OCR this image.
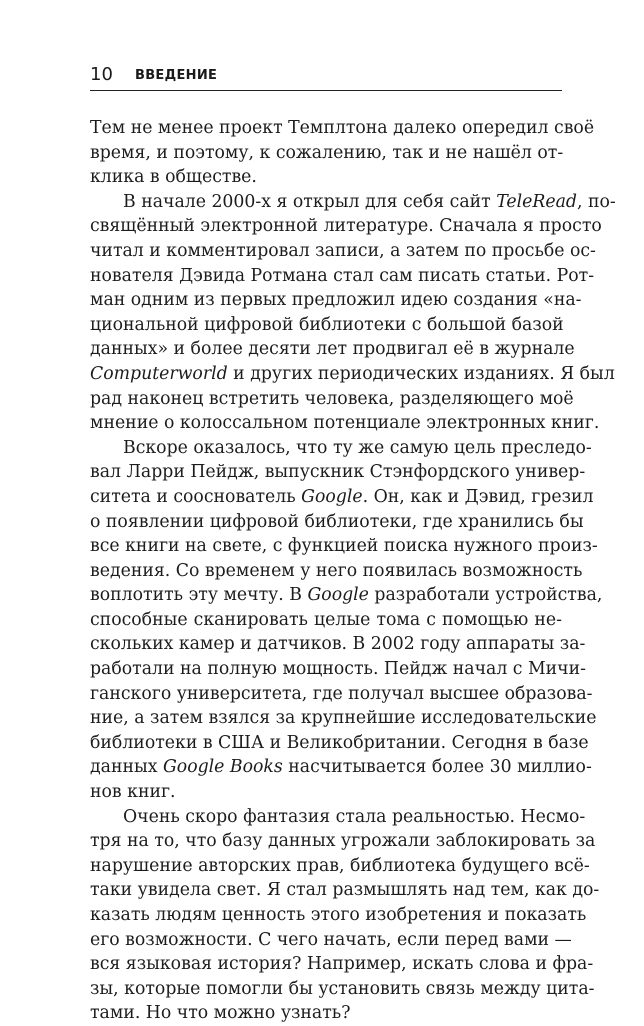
10 ВВЕДЕНИЕ
Тем не менее проект Темплтона далеко опередил своё
время, и поэтому, к сожалению, так и не нашёл от-
клика в обществе.
В начале 2000-х я открыл для себя сайт TeleRead, по-
свящённый электронной литературе. Сначала я просто
читал и комментировал записи, а затем по просьбе ос-
нователя Дэвида Ротмана стал сам писать статьи. Рот-
ман одним из первых предложил идею создания «на-
циональной цифровой библиотеки с большой базой
данных» и более десяти лет продвигал её в журнале
Computerworld и других периодических изданиях. Я был
рад наконец встретить человека, разделяющего моё
мнение о колоссальном потенциале электронных книг.
Вскоре оказалось, что ту же самую цель преследо-
вал Ларри Пейдж, выпускник Стэнфордского универ-
ситета и сооснователь Google. Он, как и Дэвид, грезил
о появлении цифровой библиотеки, где хранились бы
все книги на свете, с функцией поиска нужного произ-
ведения. Со временем у него появилась возможность
воплотить эту мечту. В Google разработали устройства,
способные сканировать целые тома с помощью не-
скольких камер и датчиков. В 2002 году аппараты за-
работали на полную мощность. Пейдж начал с Мичи-
ганского университета, где получал высшее образова-
ние, а затем взялся за крупнейшие исследовательские
библиотеки в США и Великобритании. Сегодня в базе
данных Google Books насчитывается более 30 миллио-
нов книг.
Очень скоро фантазия стала реальностью. Несмо-
тря на то, что базу данных угрожали заблокировать за
нарушение авторских прав, библиотека будущего всё-
таки увидела свет. Я стал размышлять над тем, как до-
казать людям ценность этого изобретения и показать
его возможности. С чего начать, если перед вами —
вся языковая история? Например, искать слова и фра-
зы, которые помогли бы установить связь между цита-
тами. Но что можно узнать?
